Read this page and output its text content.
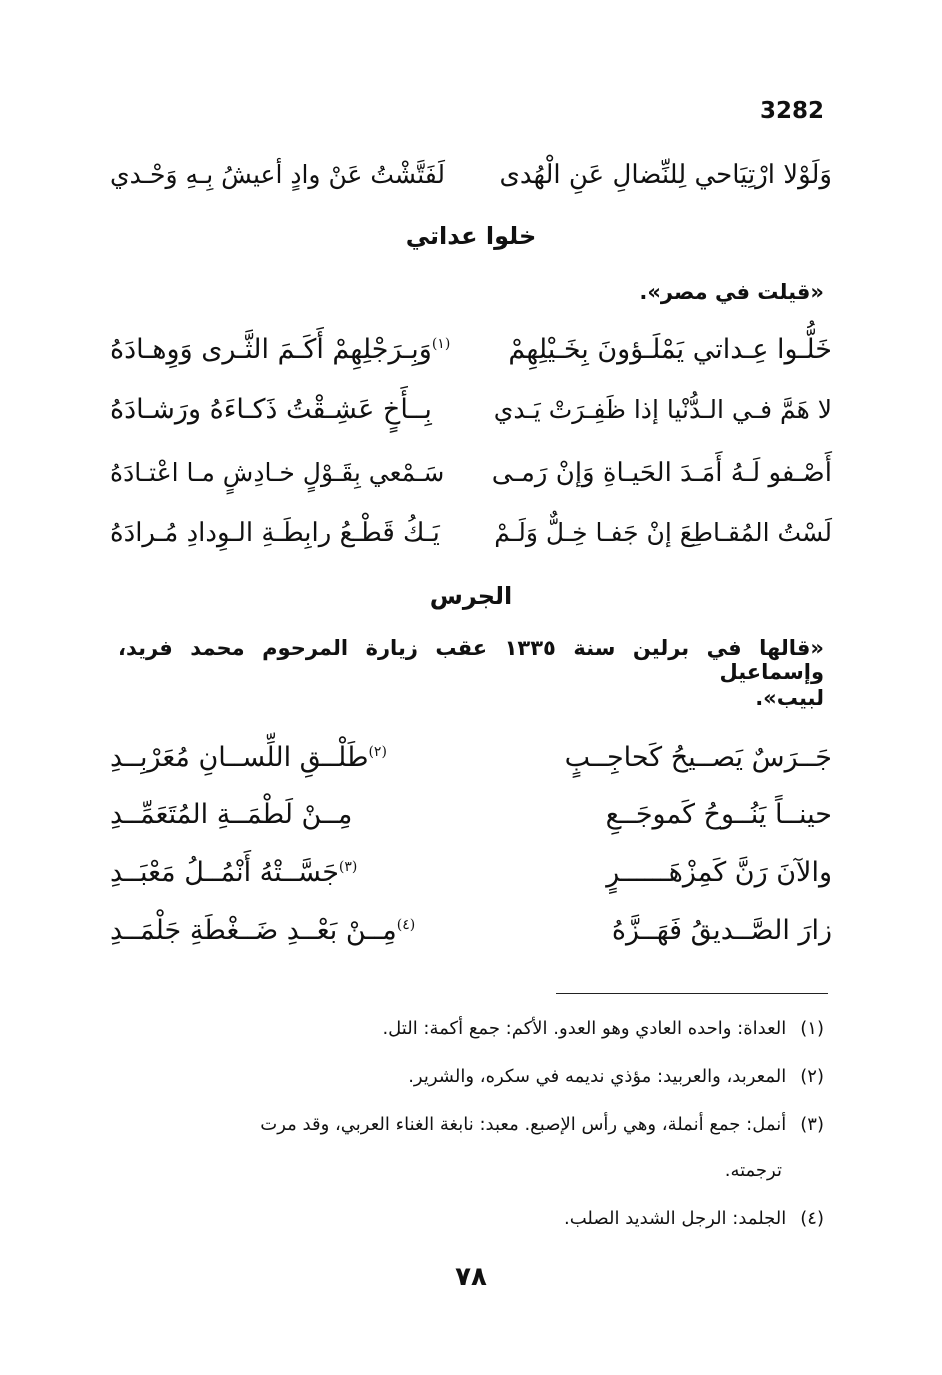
3282
وَلَوْلا ارْتِيَاحي لِلنِّضالِ عَنِ الْهُدى
لَفَتَّشْتُ عَنْ وادٍ أعيشُ بِـهِ وَحْـدي
خلوا عداتي
«قيلت في مصر».
خَلُّـوا عِـداتي يَمْلَـؤونَ بِخَـيْلِهِمْ
$^{(١)}$وَبِـرَجْلِهِمْ أَكَـمَ الثَّـرى وَوِهـادَهُ
لا هَمَّ فـي الـدُّنْيا إذا ظَفِـرَتْ يَـدي
بِــأَخٍ عَشِـقْتُ ذَكـاءَهُ ورَشـادَهُ
أَصْـفو لَـهُ أَمَـدَ الحَيـاةِ وَإنْ رَمـى
سَـمْعي بِقَـوْلٍ خـادِشٍ مـا اعْتـادَهُ
لَسْتُ المُقـاطِعَ إنْ جَفـا خِـلٌّ وَلَـمْ
يَـكُ قَطْـعُ رابِطَـةِ الـوِدادِ مُـرادَهُ
الجرس
«قالها في برلين سنة ١٣٣٥ عقب زيارة المرحوم محمد فريد، وإسماعيل
لبيب».
جَــرَسٌ يَصــيحُ كَحاجِــبٍ
$^{(٢)}$طَلْــقِ اللِّســانِ مُعَرْبِــدِ
حينــاً يَنُــوحُ كَموجَــعِ
مِــنْ لَطْمَــةِ المُتَعَمِّــدِ
والآنَ رَنَّ كَمِزْهَــــــرٍ
$^{(٣)}$جَسَّــتْهُ أَنْمُــلُ مَعْبَــدِ
زارَ الصَّــديقُ فَهَــزَّهُ
$^{(٤)}$مِــنْ بَعْــدِ ضَــغْطَةِ جَلْمَــدِ
(١)العداة: واحده العادي وهو العدو. الأكم: جمع أكمة: التل.
(٢)المعربد، والعربيد: مؤذي نديمه في سكره، والشرير.
(٣)أنمل: جمع أنملة، وهي رأس الإصبع. معبد: نابغة الغناء العربي، وقد مرت
ترجمته.
(٤)الجلمد: الرجل الشديد الصلب.
٧٨
